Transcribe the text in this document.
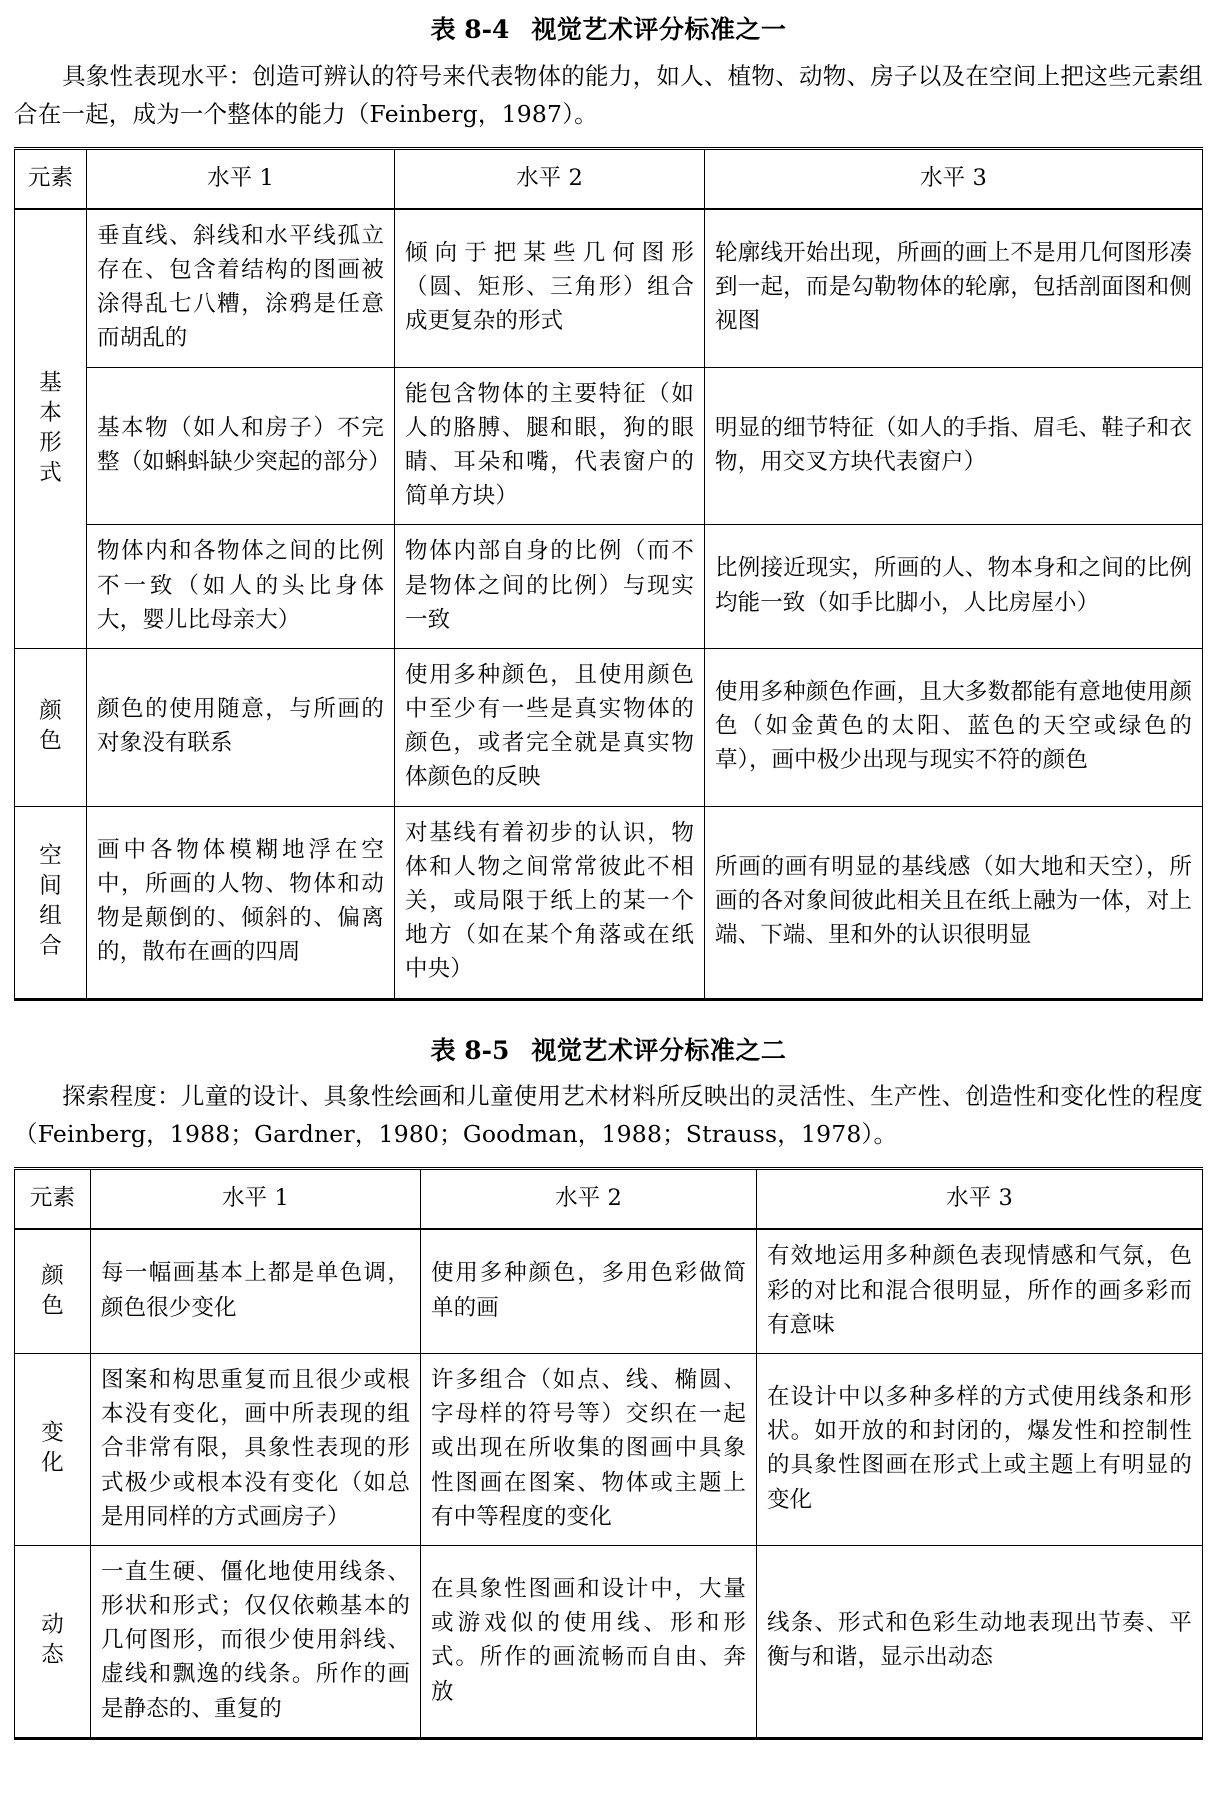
表 8-4 视觉艺术评分标准之一

具象性表现水平：创造可辨认的符号来代表物体的能力，如人、植物、动物、房子以及在空间上把这些元素组合在一起，成为一个整体的能力（Feinberg，1987）。

元素	水平 1	水平 2	水平 3

基本形式	垂直线、斜线和水平线孤立存在、包含着结构的图画被涂得乱七八糟，涂鸦是任意而胡乱的	倾向于把某些几何图形（圆、矩形、三角形）组合成更复杂的形式	轮廓线开始出现，所画的画上不是用几何图形凑到一起，而是勾勒物体的轮廓，包括剖面图和侧视图
	基本物（如人和房子）不完整（如蝌蚪缺少突起的部分）	能包含物体的主要特征（如人的胳膊、腿和眼，狗的眼睛、耳朵和嘴，代表窗户的简单方块）	明显的细节特征（如人的手指、眉毛、鞋子和衣物，用交叉方块代表窗户）
	物体内和各物体之间的比例不一致（如人的头比身体大，婴儿比母亲大）	物体内部自身的比例（而不是物体之间的比例）与现实一致	比例接近现实，所画的人、物本身和之间的比例均能一致（如手比脚小，人比房屋小）

颜色	颜色的使用随意，与所画的对象没有联系	使用多种颜色，且使用颜色中至少有一些是真实物体的颜色，或者完全就是真实物体颜色的反映	使用多种颜色作画，且大多数都能有意地使用颜色（如金黄色的太阳、蓝色的天空或绿色的草），画中极少出现与现实不符的颜色

空间组合	画中各物体模糊地浮在空中，所画的人物、物体和动物是颠倒的、倾斜的、偏离的，散布在画的四周	对基线有着初步的认识，物体和人物之间常常彼此不相关，或局限于纸上的某一个地方（如在某个角落或在纸中央）	所画的画有明显的基线感（如大地和天空），所画的各对象间彼此相关且在纸上融为一体，对上端、下端、里和外的认识很明显
表 8-5 视觉艺术评分标准之二

探索程度：儿童的设计、具象性绘画和儿童使用艺术材料所反映出的灵活性、生产性、创造性和变化性的程度（Feinberg，1988；Gardner，1980；Goodman，1988；Strauss，1978）。

元素	水平 1	水平 2	水平 3

颜色	每一幅画基本上都是单色调，颜色很少变化	使用多种颜色，多用色彩做简单的画	有效地运用多种颜色表现情感和气氛，色彩的对比和混合很明显，所作的画多彩而有意味

变化	图案和构思重复而且很少或根本没有变化，画中所表现的组合非常有限，具象性表现的形式极少或根本没有变化（如总是用同样的方式画房子）	许多组合（如点、线、椭圆、字母样的符号等）交织在一起或出现在所收集的图画中具象性图画在图案、物体或主题上有中等程度的变化	在设计中以多种多样的方式使用线条和形状。如开放的和封闭的，爆发性和控制性的具象性图画在形式上或主题上有明显的变化

动态	一直生硬、僵化地使用线条、形状和形式；仅仅依赖基本的几何图形，而很少使用斜线、虚线和飘逸的线条。所作的画是静态的、重复的	在具象性图画和设计中，大量或游戏似的使用线、形和形式。所作的画流畅而自由、奔放	线条、形式和色彩生动地表现出节奏、平衡与和谐，显示出动态
